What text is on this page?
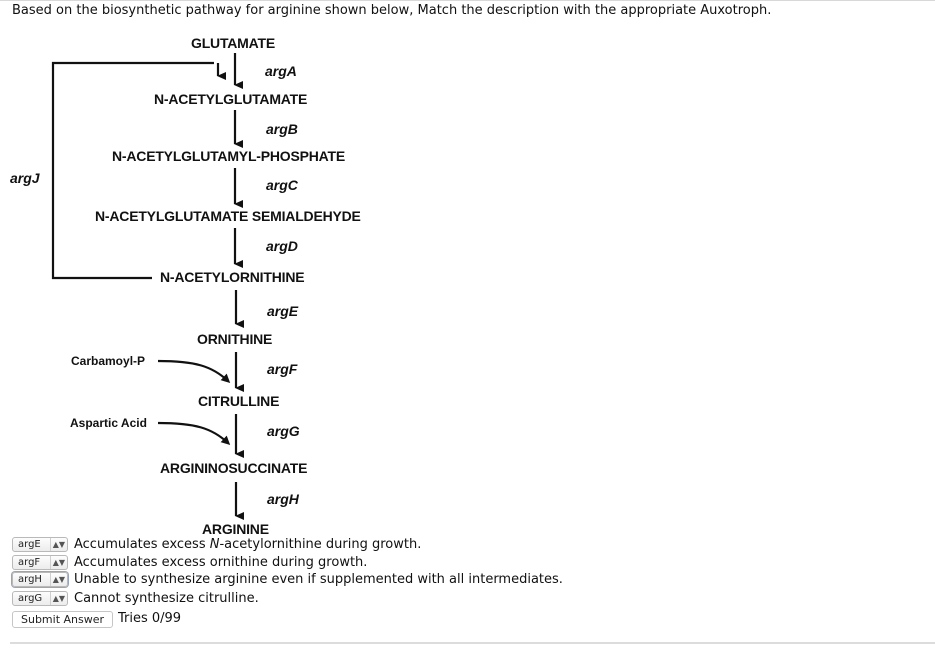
Based on the biosynthetic pathway for arginine shown below, Match the description with the appropriate Auxotroph.
GLUTAMATE
N-ACETYLGLUTAMATE
N-ACETYLGLUTAMYL-PHOSPHATE
N-ACETYLGLUTAMATE SEMIALDEHYDE
N-ACETYLORNITHINE
ORNITHINE
CITRULLINE
ARGININOSUCCINATE
ARGININE
argA
argB
argC
argD
argE
argF
argG
argH
argJ
Carbamoyl-P
Aspartic Acid
argE	▲▼ Accumulates excess N-acetylornithine during growth.
argF	▲▼ Accumulates excess ornithine during growth.
argH	▲▼ Unable to synthesize arginine even if supplemented with all intermediates.
argG	▲▼ Cannot synthesize citrulline.
Submit Answer	Tries 0/99
